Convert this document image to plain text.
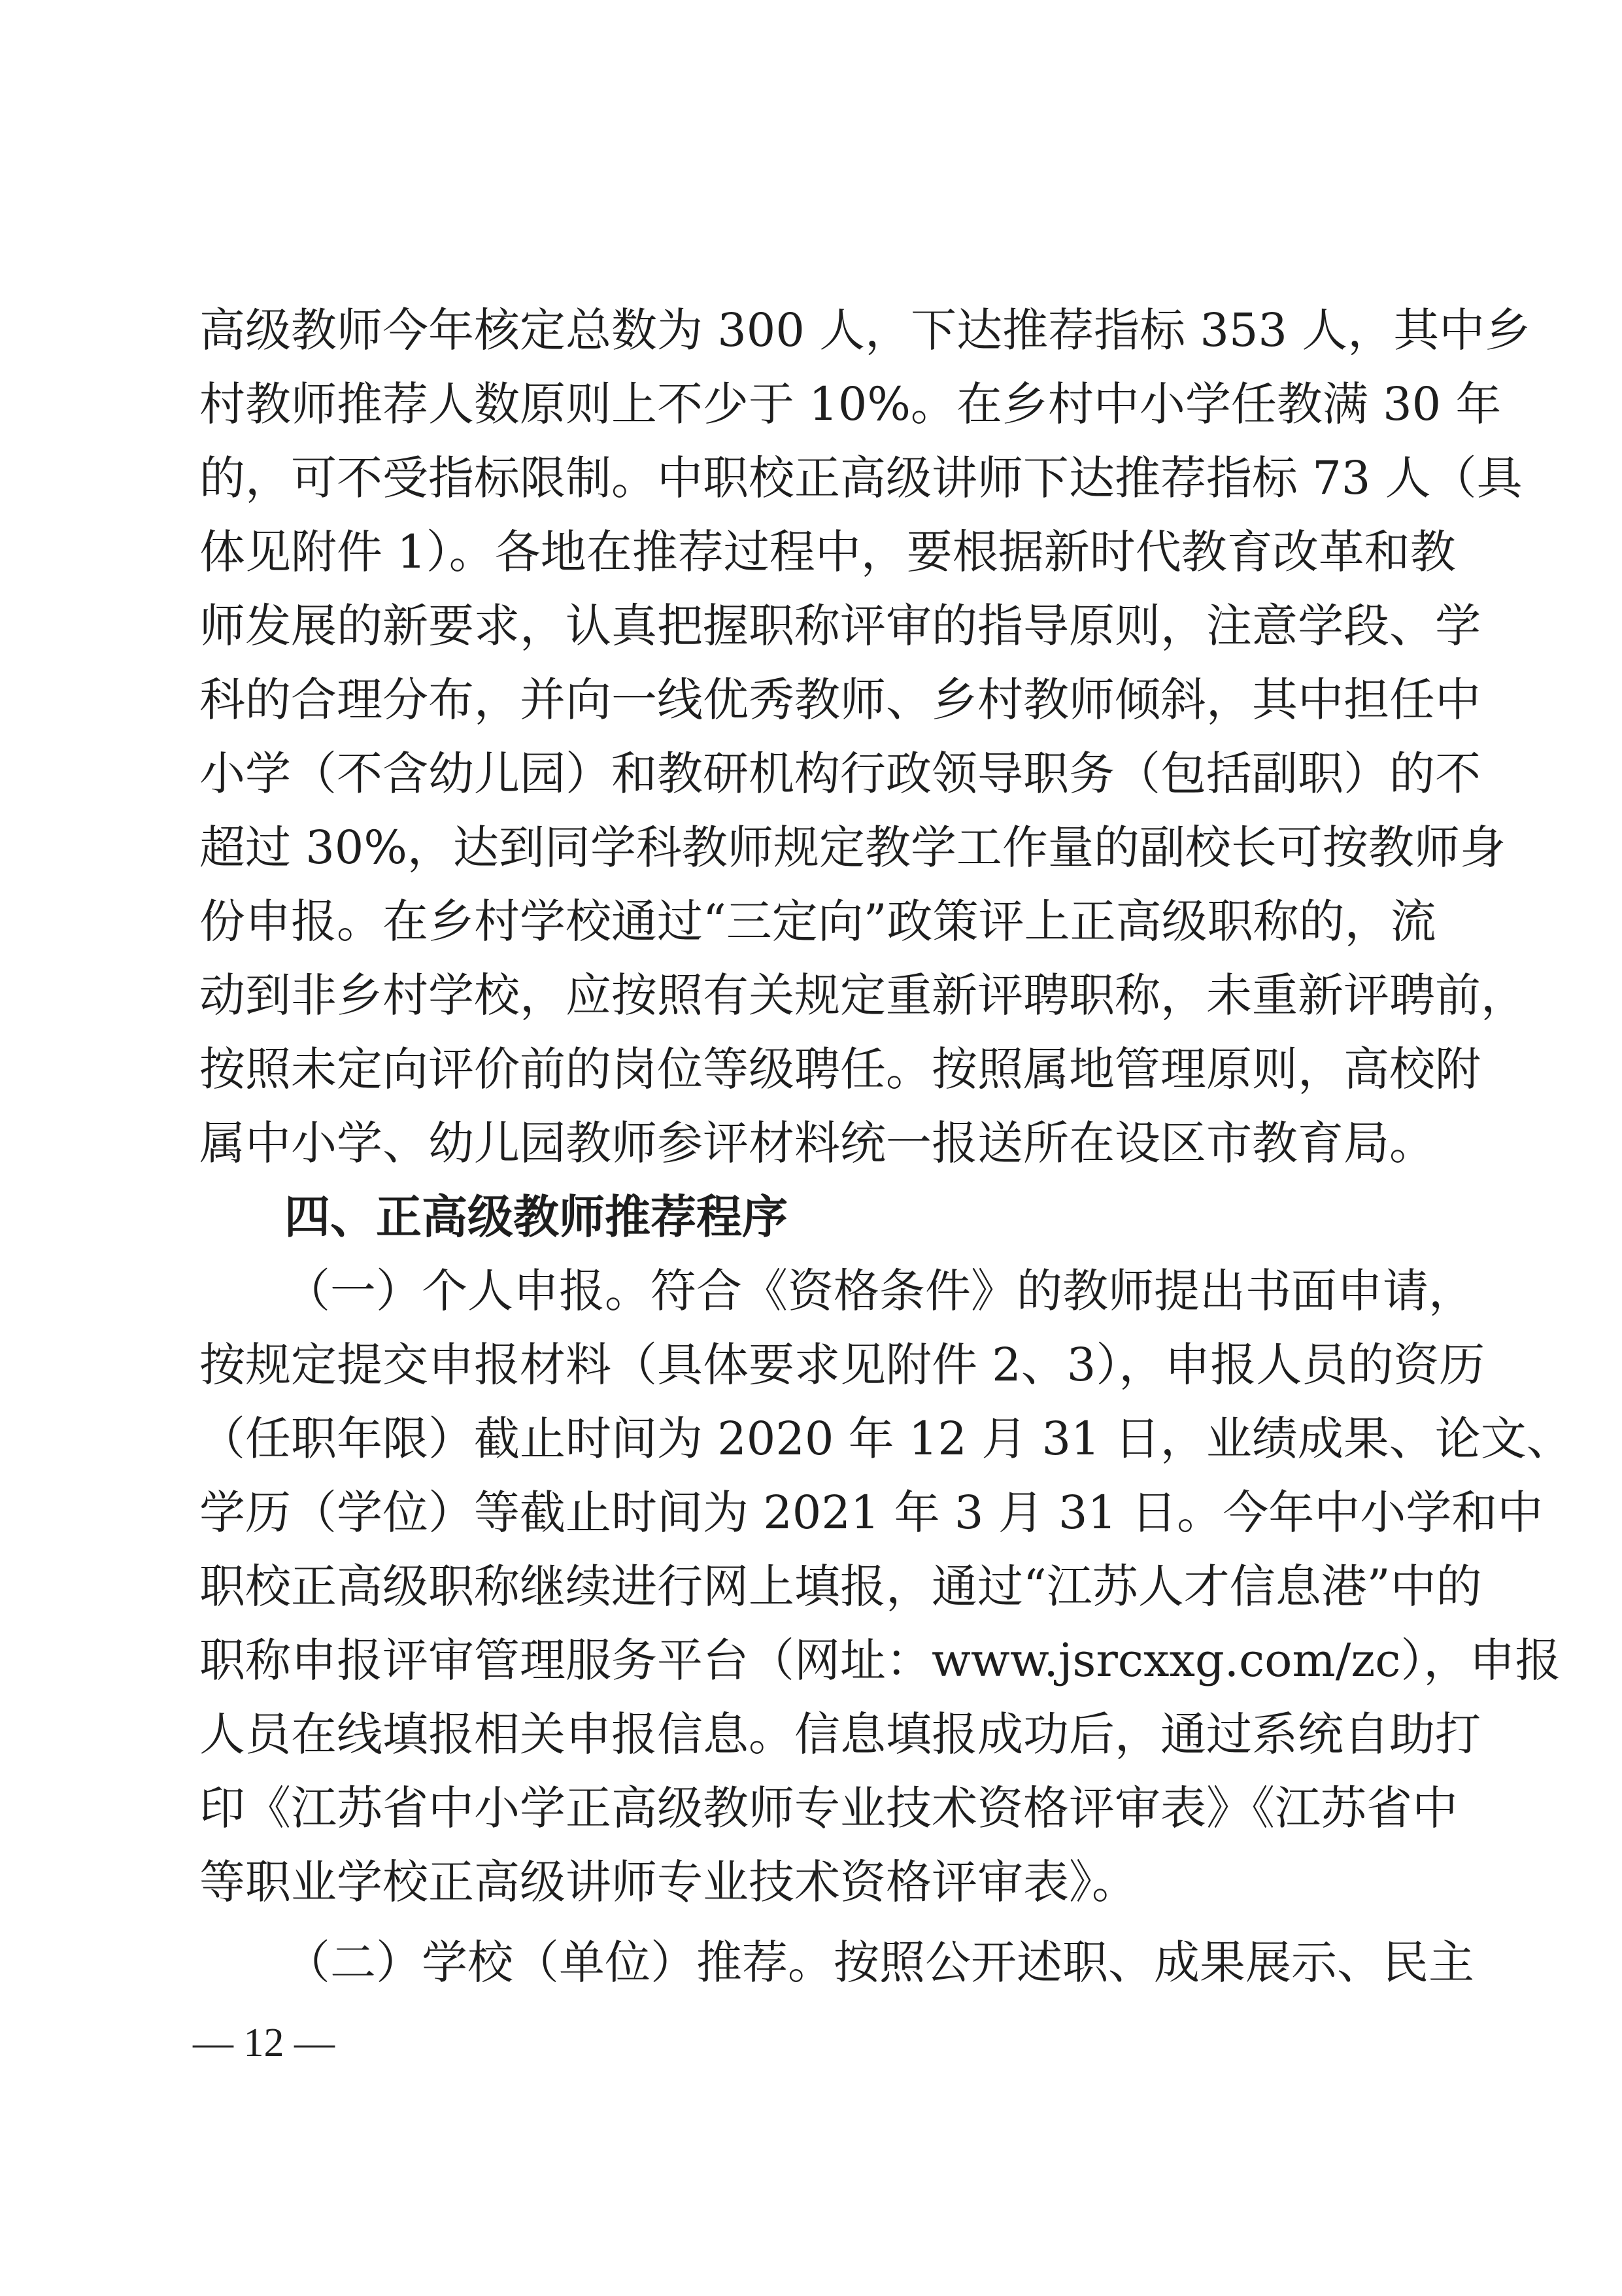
高级教师今年核定总数为 300 人，下达推荐指标 353 人，其中乡
村教师推荐人数原则上不少于 10%。在乡村中小学任教满 30 年
的，可不受指标限制。中职校正高级讲师下达推荐指标 73 人（具
体见附件 1）。各地在推荐过程中，要根据新时代教育改革和教
师发展的新要求，认真把握职称评审的指导原则，注意学段、学
科的合理分布，并向一线优秀教师、乡村教师倾斜，其中担任中
小学（不含幼儿园）和教研机构行政领导职务（包括副职）的不
超过 30%，达到同学科教师规定教学工作量的副校长可按教师身
份申报。在乡村学校通过“三定向”政策评上正高级职称的，流
动到非乡村学校，应按照有关规定重新评聘职称，未重新评聘前，
按照未定向评价前的岗位等级聘任。按照属地管理原则，高校附
属中小学、幼儿园教师参评材料统一报送所在设区市教育局。
四、正高级教师推荐程序
（一）个人申报。符合《资格条件》的教师提出书面申请，
按规定提交申报材料（具体要求见附件 2、3），申报人员的资历
（任职年限）截止时间为 2020 年 12 月 31 日，业绩成果、论文、
学历（学位）等截止时间为 2021 年 3 月 31 日。今年中小学和中
职校正高级职称继续进行网上填报，通过“江苏人才信息港”中的
职称申报评审管理服务平台（网址：www.jsrcxxg.com/zc），申报
人员在线填报相关申报信息。信息填报成功后，通过系统自助打
印《江苏省中小学正高级教师专业技术资格评审表》《江苏省中
等职业学校正高级讲师专业技术资格评审表》。
（二）学校（单位）推荐。按照公开述职、成果展示、民主
— 12 —
